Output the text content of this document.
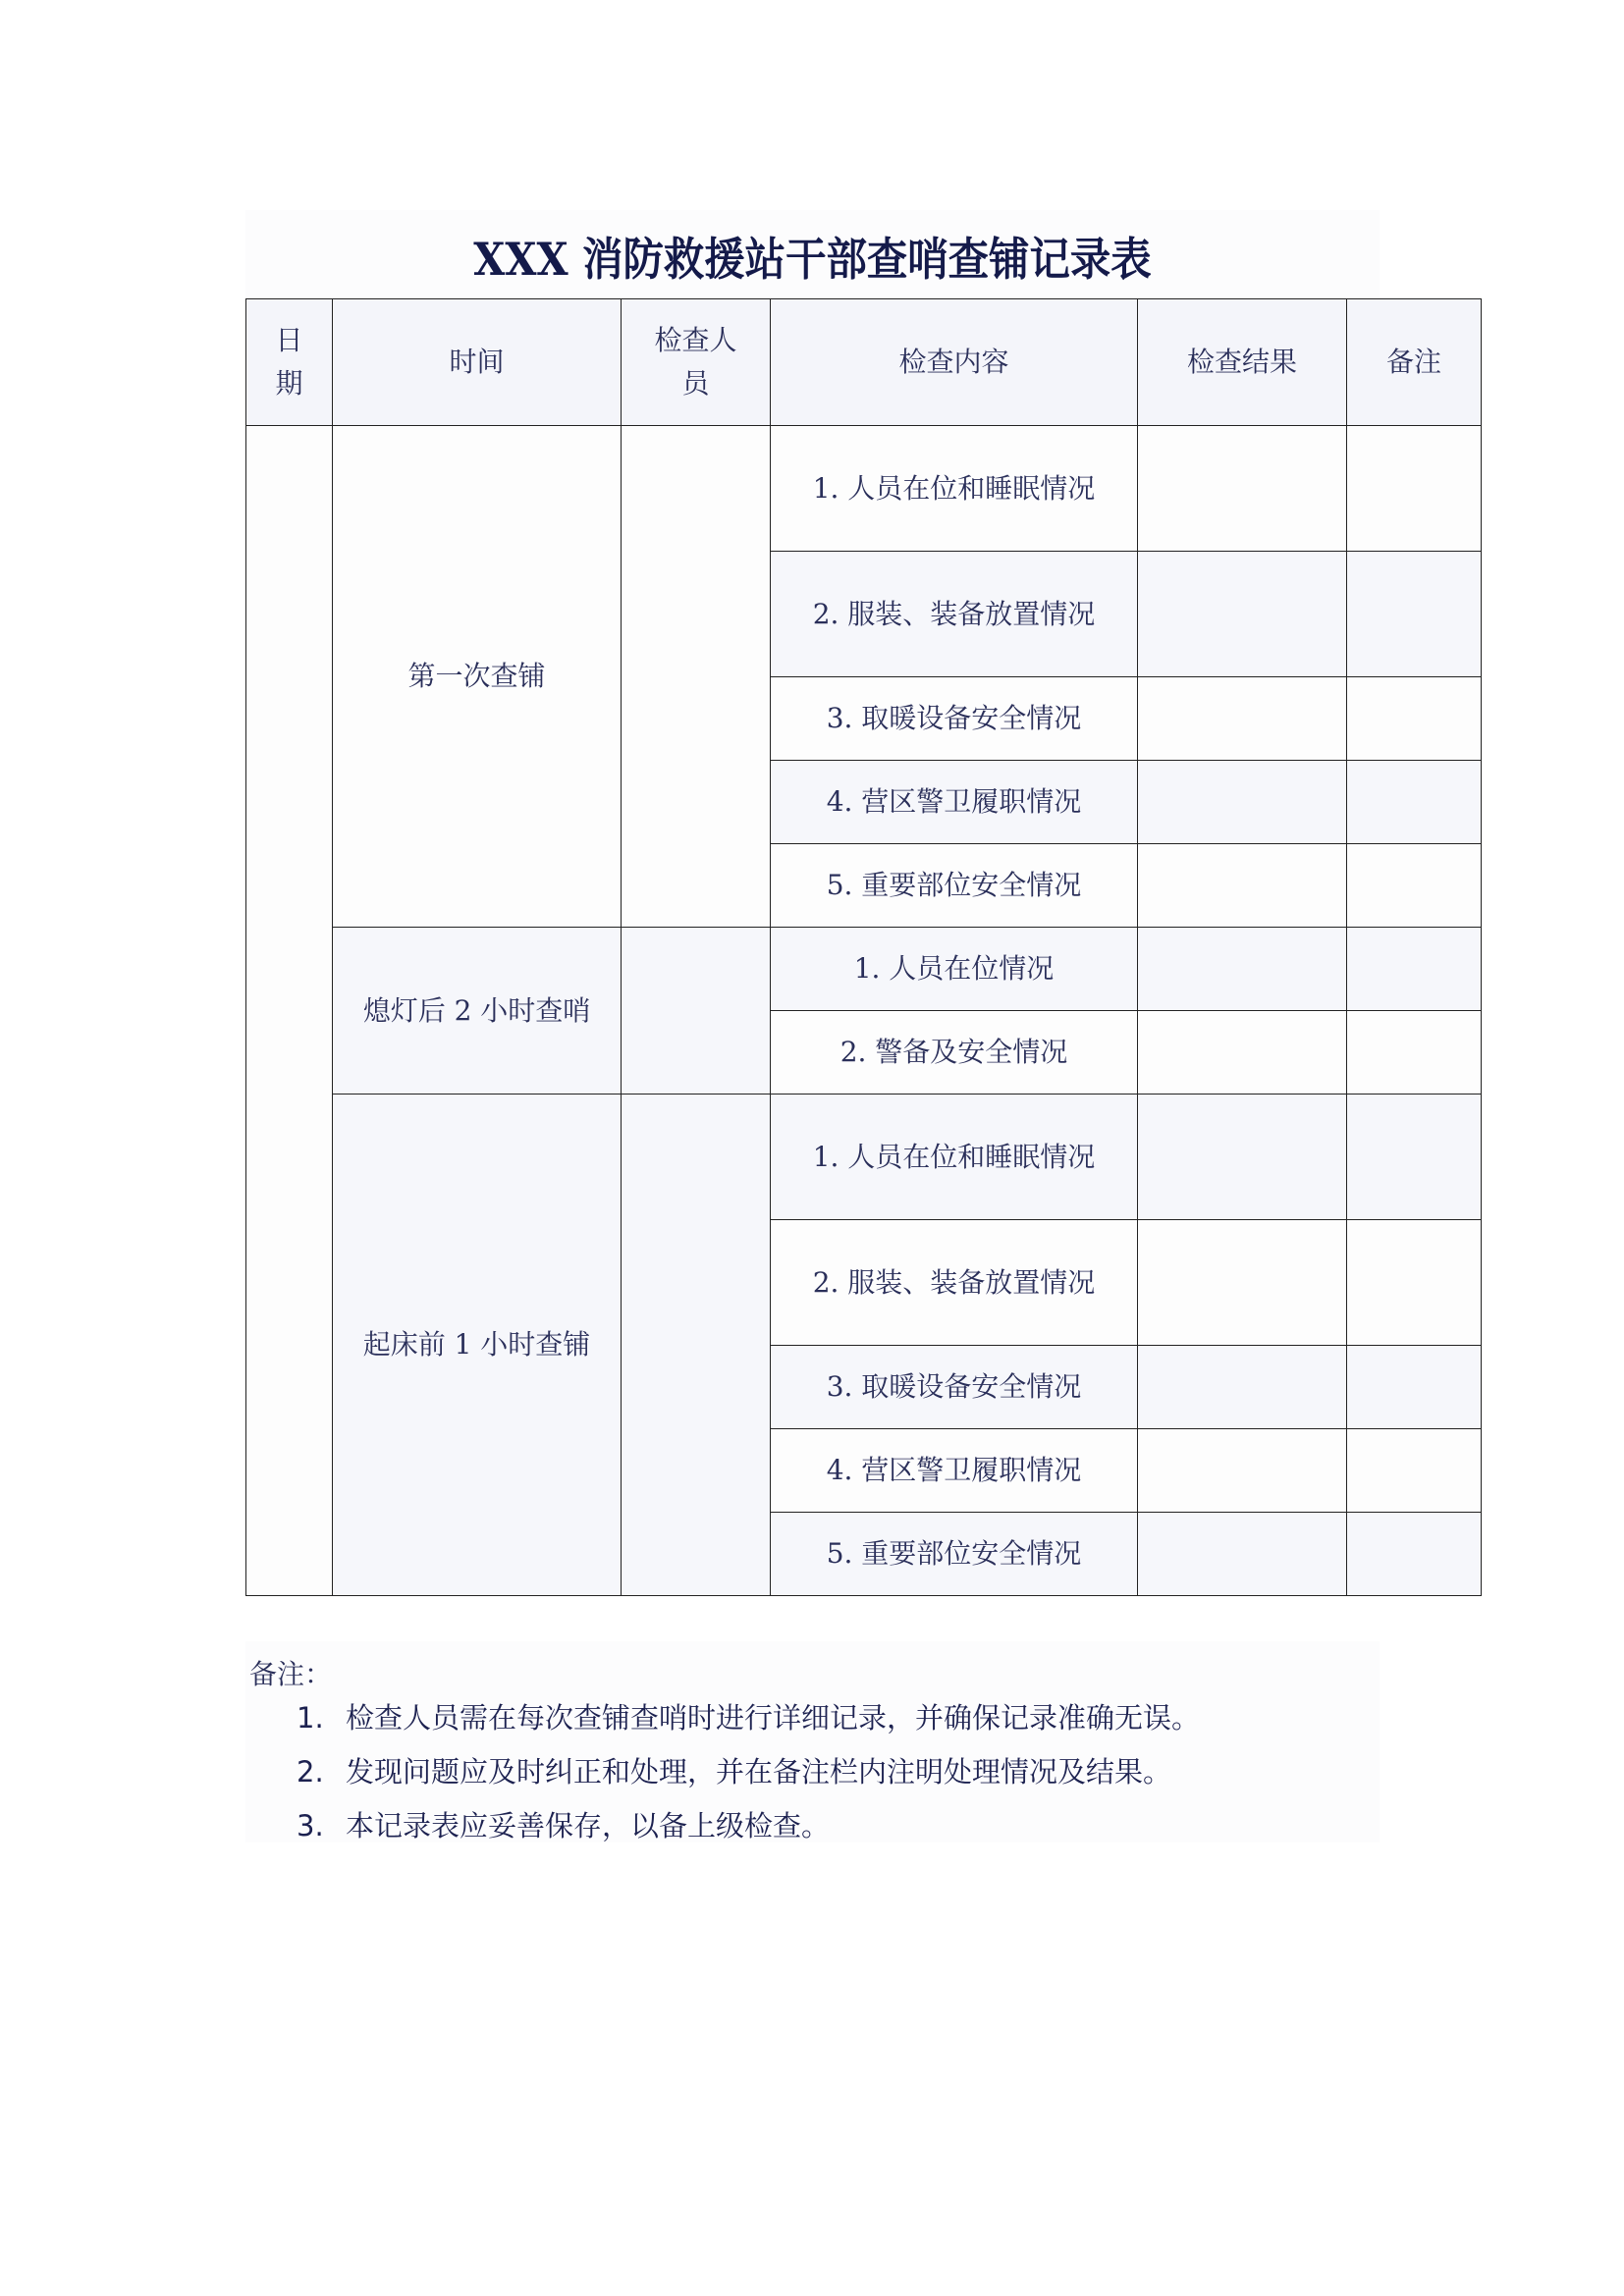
XXX 消防救援站干部查哨查铺记录表
日期	时间	检查人员	检查内容	检查结果	备注
	第一次查铺		1. 人员在位和睡眠情况		
			2. 服装、装备放置情况		
			3. 取暖设备安全情况		
			4. 营区警卫履职情况		
			5. 重要部位安全情况		
	熄灯后 2 小时查哨		1. 人员在位情况		
			2. 警备及安全情况		
	起床前 1 小时查铺		1. 人员在位和睡眠情况		
			2. 服装、装备放置情况		
			3. 取暖设备安全情况		
			4. 营区警卫履职情况		
			5. 重要部位安全情况		
备注：
1. 检查人员需在每次查铺查哨时进行详细记录，并确保记录准确无误。
2. 发现问题应及时纠正和处理，并在备注栏内注明处理情况及结果。
3. 本记录表应妥善保存，以备上级检查。
